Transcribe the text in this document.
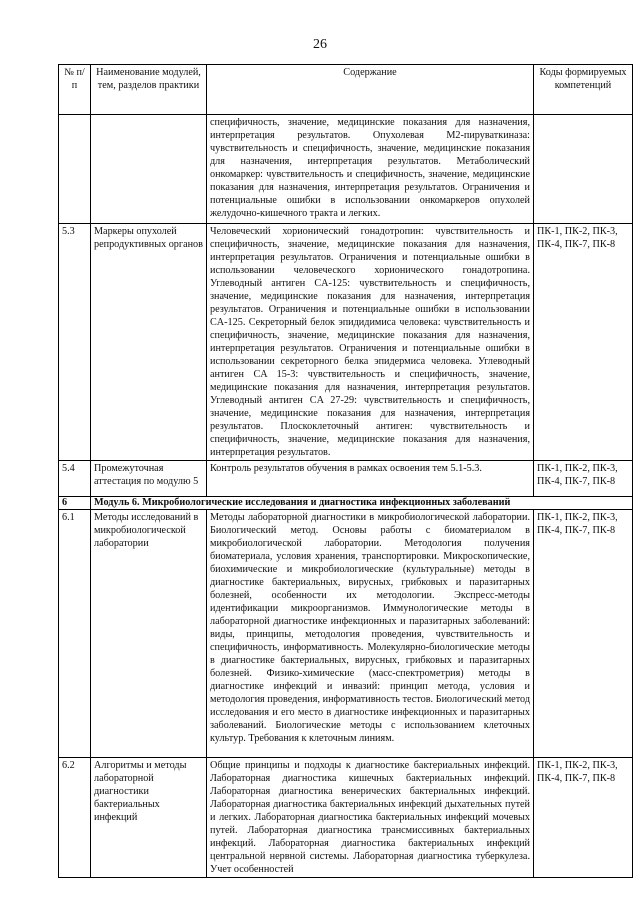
26
№ п/п	Наименование модулей, тем, разделов практики	Содержание	Коды формируемых компетенций
		специфичность, значение, медицинские показания для назначения, интерпретация результатов. Опухолевая M2-пируваткиназа: чувствительность и специфичность, значение, медицинские показания для назначения, интерпретация результатов. Метаболический онкомаркер: чувствительность и специфичность, значение, медицинские показания для назначения, интерпретация результатов. Ограничения и потенциальные ошибки в использовании онкомаркеров опухолей желудочно-кишечного тракта и легких.	
5.3	Маркеры опухолей репродуктивных органов	Человеческий хорионический гонадотропин: чувствительность и специфичность, значение, медицинские показания для назначения, интерпретация результатов. Ограничения и потенциальные ошибки в использовании человеческого хорионического гонадотропина. Углеводный антиген CA-125: чувствительность и специфичность, значение, медицинские показания для назначения, интерпретация результатов. Ограничения и потенциальные ошибки в использовании CA-125. Секреторный белок эпидидимиса человека: чувствительность и специфичность, значение, медицинские показания для назначения, интерпретация результатов. Ограничения и потенциальные ошибки в использовании секреторного белка эпидермиса человека. Углеводный антиген CA 15-3: чувствительность и специфичность, значение, медицинские показания для назначения, интерпретация результатов. Углеводный антиген CA 27-29: чувствительность и специфичность, значение, медицинские показания для назначения, интерпретация результатов. Плоскоклеточный антиген: чувствительность и специфичность, значение, медицинские показания для назначения, интерпретация результатов.	ПК-1, ПК-2, ПК-3, ПК-4, ПК-7, ПК-8
5.4	Промежуточная аттестация по модулю 5	Контроль результатов обучения в рамках освоения тем 5.1-5.3.	ПК-1, ПК-2, ПК-3, ПК-4, ПК-7, ПК-8
6	Модуль 6. Микробиологические исследования и диагностика инфекционных заболеваний		
6.1	Методы исследований в микробиологической лаборатории	Методы лабораторной диагностики в микробиологической лаборатории. Биологический метод. Основы работы с биоматериалом в микробиологической лаборатории. Методология получения биоматериала, условия хранения, транспортировки. Микроскопические, биохимические и микробиологические (культуральные) методы в диагностике бактериальных, вирусных, грибковых и паразитарных болезней, особенности их методологии. Экспресс-методы идентификации микроорганизмов. Иммунологические методы в лабораторной диагностике инфекционных и паразитарных заболеваний: виды, принципы, методология проведения, чувствительность и специфичность, информативность. Молекулярно-биологические методы в диагностике бактериальных, вирусных, грибковых и паразитарных болезней. Физико-химические (масс-спектрометрия) методы в диагностике инфекций и инвазий: принцип метода, условия и методология проведения, информативность тестов. Биологический метод исследования и его место в диагностике инфекционных и паразитарных заболеваний. Биологические методы с использованием клеточных культур. Требования к клеточным линиям.	ПК-1, ПК-2, ПК-3, ПК-4, ПК-7, ПК-8
6.2	Алгоритмы и методы лабораторной диагностики бактериальных инфекций	Общие принципы и подходы к диагностике бактериальных инфекций. Лабораторная диагностика кишечных бактериальных инфекций. Лабораторная диагностика венерических бактериальных инфекций. Лабораторная диагностика бактериальных инфекций дыхательных путей и легких. Лабораторная диагностика бактериальных инфекций мочевых путей. Лабораторная диагностика трансмиссивных бактериальных инфекций. Лабораторная диагностика бактериальных инфекций центральной нервной системы. Лабораторная диагностика туберкулеза. Учет особенностей	ПК-1, ПК-2, ПК-3, ПК-4, ПК-7, ПК-8
